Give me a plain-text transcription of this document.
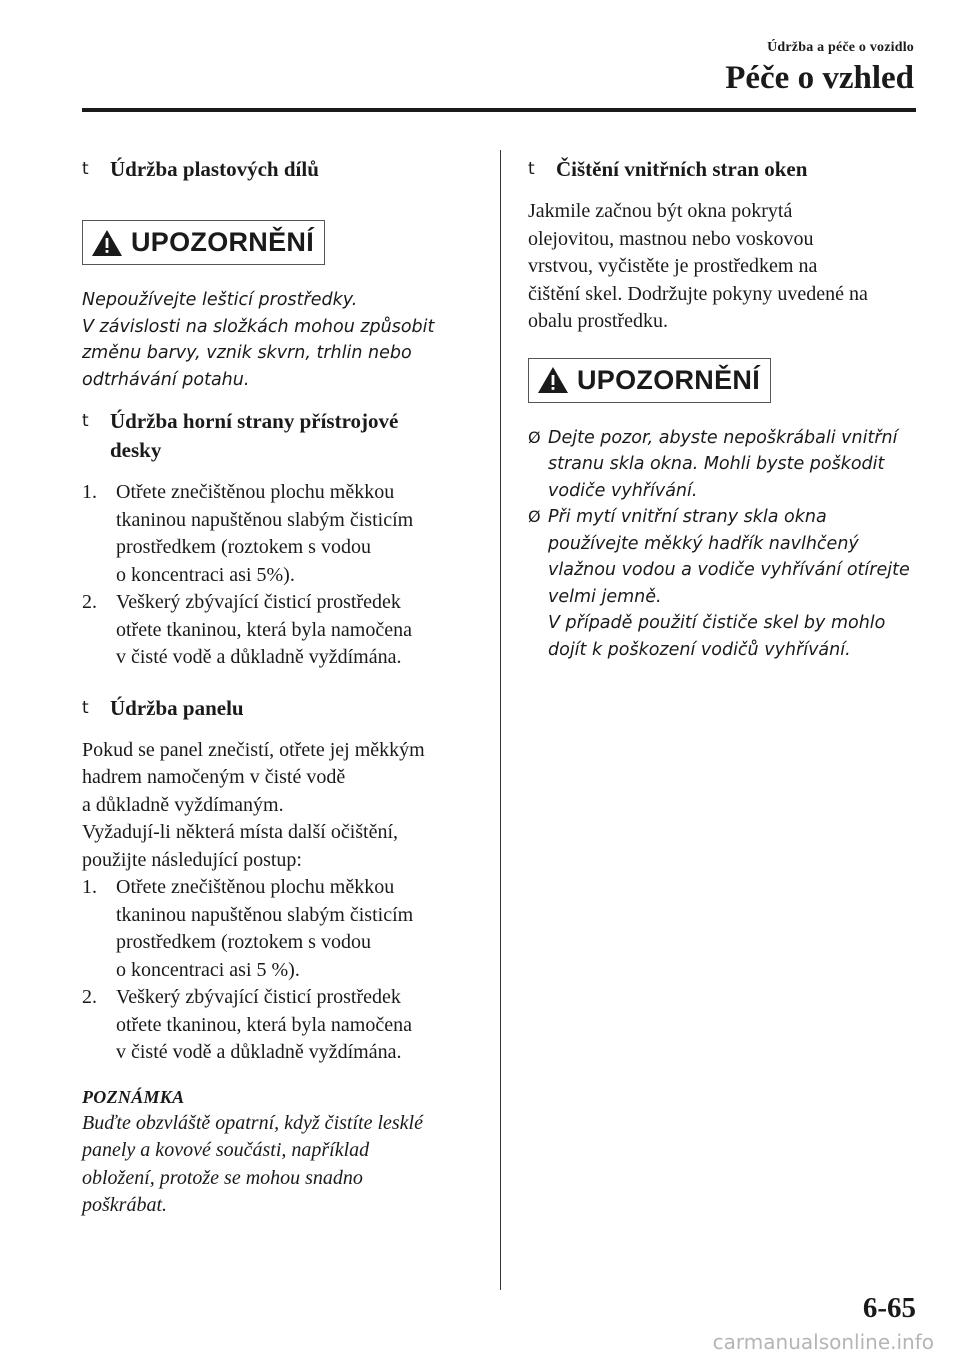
Údržba a péče o vozidlo
Péče o vzhled
t	Údržba plastových dílů
UPOZORNĚNÍ

Nepoužívejte lešticí prostředky.
V závislosti na složkách mohou způsobit
změnu barvy, vznik skvrn, trhlin nebo
odtrhávání potahu.

t	Údržba horní strany přístrojové
desky
1. Otřete znečištěnou plochu měkkou
tkaninou napuštěnou slabým čisticím
prostředkem (roztokem s vodou
o koncentraci asi 5%).
2. Veškerý zbývající čisticí prostředek
otřete tkaninou, která byla namočena
v čisté vodě a důkladně vyždímána.
t	Údržba panelu

Pokud se panel znečistí, otřete jej měkkým
hadrem namočeným v čisté vodě
a důkladně vyždímaným.
Vyžadují-li některá místa další očištění,
použijte následující postup:

1. Otřete znečištěnou plochu měkkou
tkaninou napuštěnou slabým čisticím
prostředkem (roztokem s vodou
o koncentraci asi 5 %).
2. Veškerý zbývající čisticí prostředek
otřete tkaninou, která byla namočena
v čisté vodě a důkladně vyždímána.
POZNÁMKA

Buďte obzvláště opatrní, když čistíte lesklé
panely a kovové součásti, například
obložení, protože se mohou snadno
poškrábat.

t	Čištění vnitřních stran oken

Jakmile začnou být okna pokrytá
olejovitou, mastnou nebo voskovou
vrstvou, vyčistěte je prostředkem na
čištění skel. Dodržujte pokyny uvedené na
obalu prostředku.

UPOZORNĚNÍ
Ø Dejte pozor, abyste nepoškrábali vnitřní
stranu skla okna. Mohli byste poškodit
vodiče vyhřívání.
Ø Při mytí vnitřní strany skla okna
používejte měkký hadřík navlhčený
vlažnou vodou a vodiče vyhřívání otírejte
velmi jemně.
V případě použití čističe skel by mohlo
dojít k poškození vodičů vyhřívání.
6-65
carmanualsonline.info
